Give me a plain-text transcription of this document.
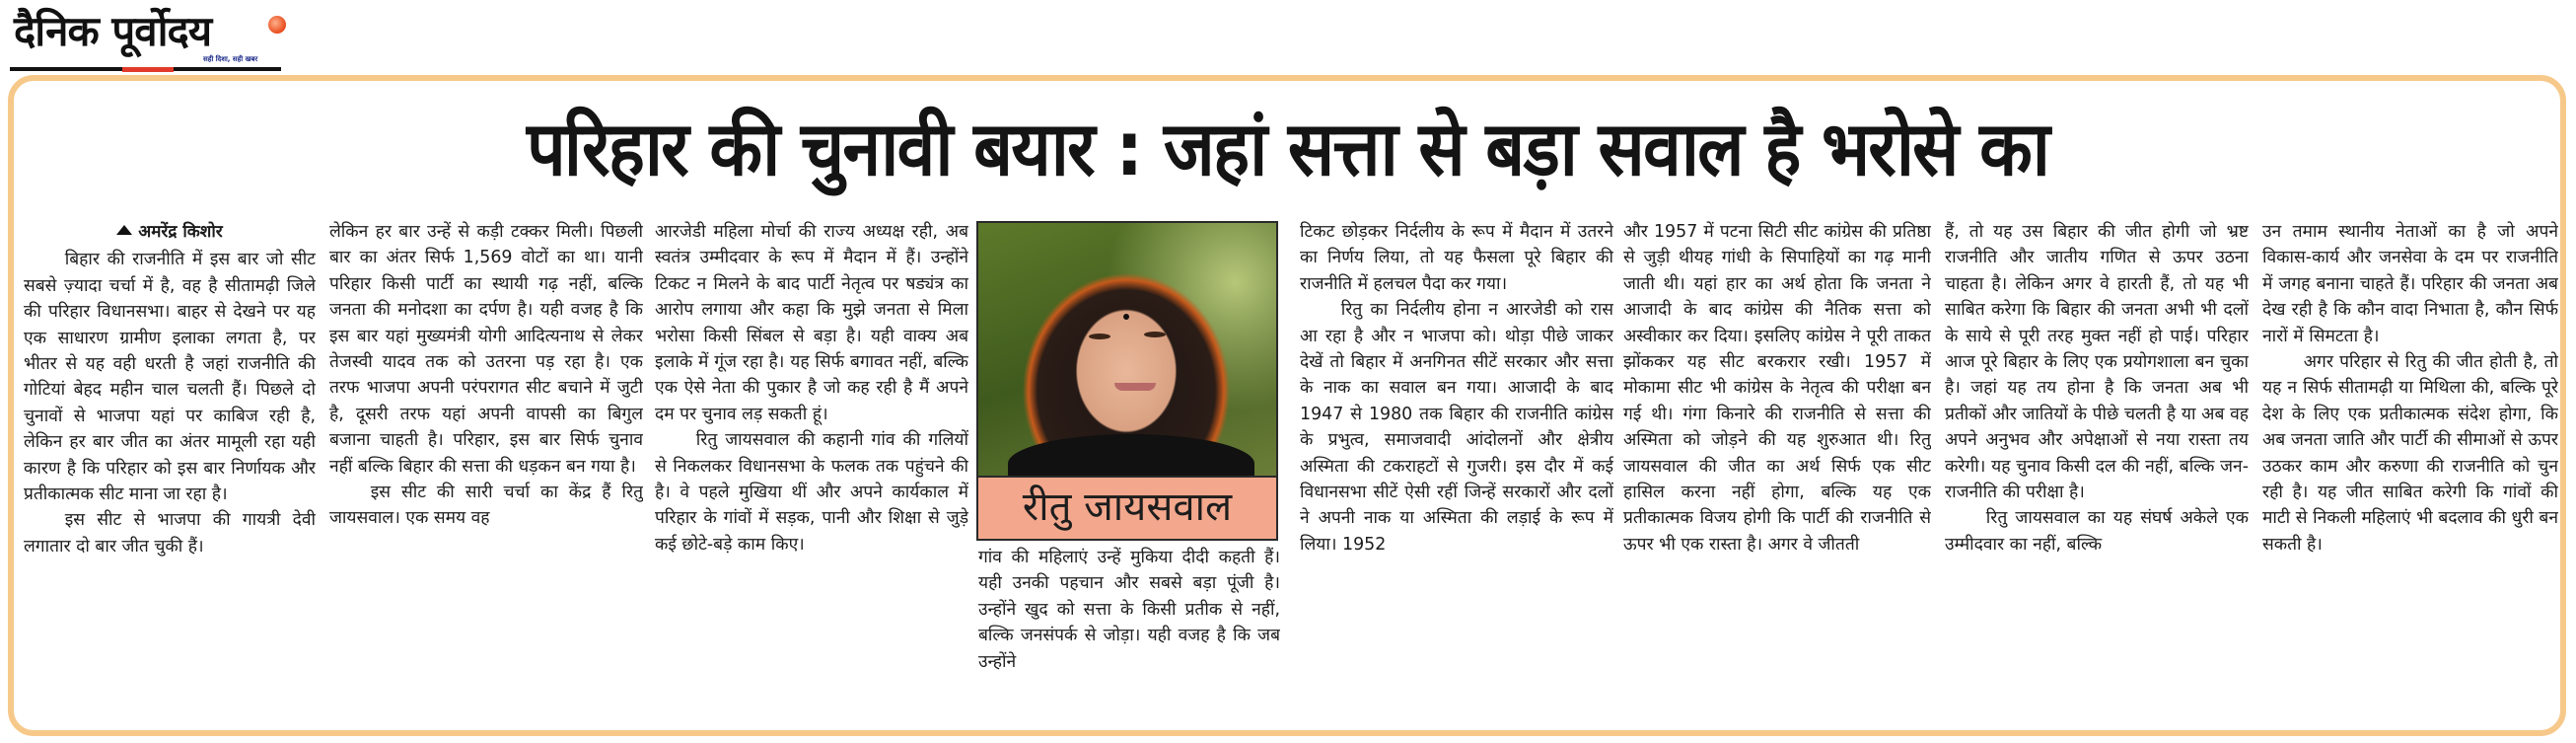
दैनिक पूर्वोदय
सही दिशा, सही खबर
परिहार की चुनावी बयार : जहां सत्ता से बड़ा सवाल है भरोसे का
अमरेंद्र किशोर

बिहार की राजनीति में इस बार जो सीट सबसे ज़्यादा चर्चा में है, वह है सीतामढ़ी जिले की परिहार विधानसभा। बाहर से देखने पर यह एक साधारण ग्रामीण इलाका लगता है, पर भीतर से यह वही धरती है जहां राजनीति की गोटियां बेहद महीन चाल चलती हैं। पिछले दो चुनावों से भाजपा यहां पर काबिज रही है, लेकिन हर बार जीत का अंतर मामूली रहा यही कारण है कि परिहार को इस बार निर्णायक और प्रतीकात्मक सीट माना जा रहा है।

इस सीट से भाजपा की गायत्री देवी लगातार दो बार जीत चुकी हैं।

लेकिन हर बार उन्हें से कड़ी टक्कर मिली। पिछली बार का अंतर सिर्फ 1,569 वोटों का था। यानी परिहार किसी पार्टी का स्थायी गढ़ नहीं, बल्कि जनता की मनोदशा का दर्पण है। यही वजह है कि इस बार यहां मुख्यमंत्री योगी आदित्यनाथ से लेकर तेजस्वी यादव तक को उतरना पड़ रहा है। एक तरफ भाजपा अपनी परंपरागत सीट बचाने में जुटी है, दूसरी तरफ यहां अपनी वापसी का बिगुल बजाना चाहती है। परिहार, इस बार सिर्फ चुनाव नहीं बल्कि बिहार की सत्ता की धड़कन बन गया है।

इस सीट की सारी चर्चा का केंद्र हैं रितु जायसवाल। एक समय वह

आरजेडी महिला मोर्चा की राज्य अध्यक्ष रही, अब स्वतंत्र उम्मीदवार के रूप में मैदान में हैं। उन्होंने टिकट न मिलने के बाद पार्टी नेतृत्व पर षड्यंत्र का आरोप लगाया और कहा कि मुझे जनता से मिला भरोसा किसी सिंबल से बड़ा है। यही वाक्य अब इलाके में गूंज रहा है। यह सिर्फ बगावत नहीं, बल्कि एक ऐसे नेता की पुकार है जो कह रही है मैं अपने दम पर चुनाव लड़ सकती हूं।

रितु जायसवाल की कहानी गांव की गलियों से निकलकर विधानसभा के फलक तक पहुंचने की है। वे पहले मुखिया थीं और अपने कार्यकाल में परिहार के गांवों में सड़क, पानी और शिक्षा से जुड़े कई छोटे-बड़े काम किए।

गांव की महिलाएं उन्हें मुकिया दीदी कहती हैं। यही उनकी पहचान और सबसे बड़ा पूंजी है। उन्होंने खुद को सत्ता के किसी प्रतीक से नहीं, बल्कि जनसंपर्क से जोड़ा। यही वजह है कि जब उन्होंने

टिकट छोड़कर निर्दलीय के रूप में मैदान में उतरने का निर्णय लिया, तो यह फैसला पूरे बिहार की राजनीति में हलचल पैदा कर गया।

रितु का निर्दलीय होना न आरजेडी को रास आ रहा है और न भाजपा को। थोड़ा पीछे जाकर देखें तो बिहार में अनगिनत सीटें सरकार और सत्ता के नाक का सवाल बन गया। आजादी के बाद 1947 से 1980 तक बिहार की राजनीति कांग्रेस के प्रभुत्व, समाजवादी आंदोलनों और क्षेत्रीय अस्मिता की टकराहटों से गुजरी। इस दौर में कई विधानसभा सीटें ऐसी रहीं जिन्हें सरकारों और दलों ने अपनी नाक या अस्मिता की लड़ाई के रूप में लिया। 1952

और 1957 में पटना सिटी सीट कांग्रेस की प्रतिष्ठा से जुड़ी थीयह गांधी के सिपाहियों का गढ़ मानी जाती थी। यहां हार का अर्थ होता कि जनता ने आजादी के बाद कांग्रेस की नैतिक सत्ता को अस्वीकार कर दिया। इसलिए कांग्रेस ने पूरी ताकत झोंककर यह सीट बरकरार रखी। 1957 में मोकामा सीट भी कांग्रेस के नेतृत्व की परीक्षा बन गई थी। गंगा किनारे की राजनीति से सत्ता की अस्मिता को जोड़ने की यह शुरुआत थी। रितु जायसवाल की जीत का अर्थ सिर्फ एक सीट हासिल करना नहीं होगा, बल्कि यह एक प्रतीकात्मक विजय होगी कि पार्टी की राजनीति से ऊपर भी एक रास्ता है। अगर वे जीतती

हैं, तो यह उस बिहार की जीत होगी जो भ्रष्ट राजनीति और जातीय गणित से ऊपर उठना चाहता है। लेकिन अगर वे हारती हैं, तो यह भी साबित करेगा कि बिहार की जनता अभी भी दलों के साये से पूरी तरह मुक्त नहीं हो पाई। परिहार आज पूरे बिहार के लिए एक प्रयोगशाला बन चुका है। जहां यह तय होना है कि जनता अब भी प्रतीकों और जातियों के पीछे चलती है या अब वह अपने अनुभव और अपेक्षाओं से नया रास्ता तय करेगी। यह चुनाव किसी दल की नहीं, बल्कि जन-राजनीति की परीक्षा है।

रितु जायसवाल का यह संघर्ष अकेले एक उम्मीदवार का नहीं, बल्कि

उन तमाम स्थानीय नेताओं का है जो अपने विकास-कार्य और जनसेवा के दम पर राजनीति में जगह बनाना चाहते हैं। परिहार की जनता अब देख रही है कि कौन वादा निभाता है, कौन सिर्फ नारों में सिमटता है।

अगर परिहार से रितु की जीत होती है, तो यह न सिर्फ सीतामढ़ी या मिथिला की, बल्कि पूरे देश के लिए एक प्रतीकात्मक संदेश होगा, कि अब जनता जाति और पार्टी की सीमाओं से ऊपर उठकर काम और करुणा की राजनीति को चुन रही है। यह जीत साबित करेगी कि गांवों की माटी से निकली महिलाएं भी बदलाव की धुरी बन सकती है।

रीतु जायसवाल
